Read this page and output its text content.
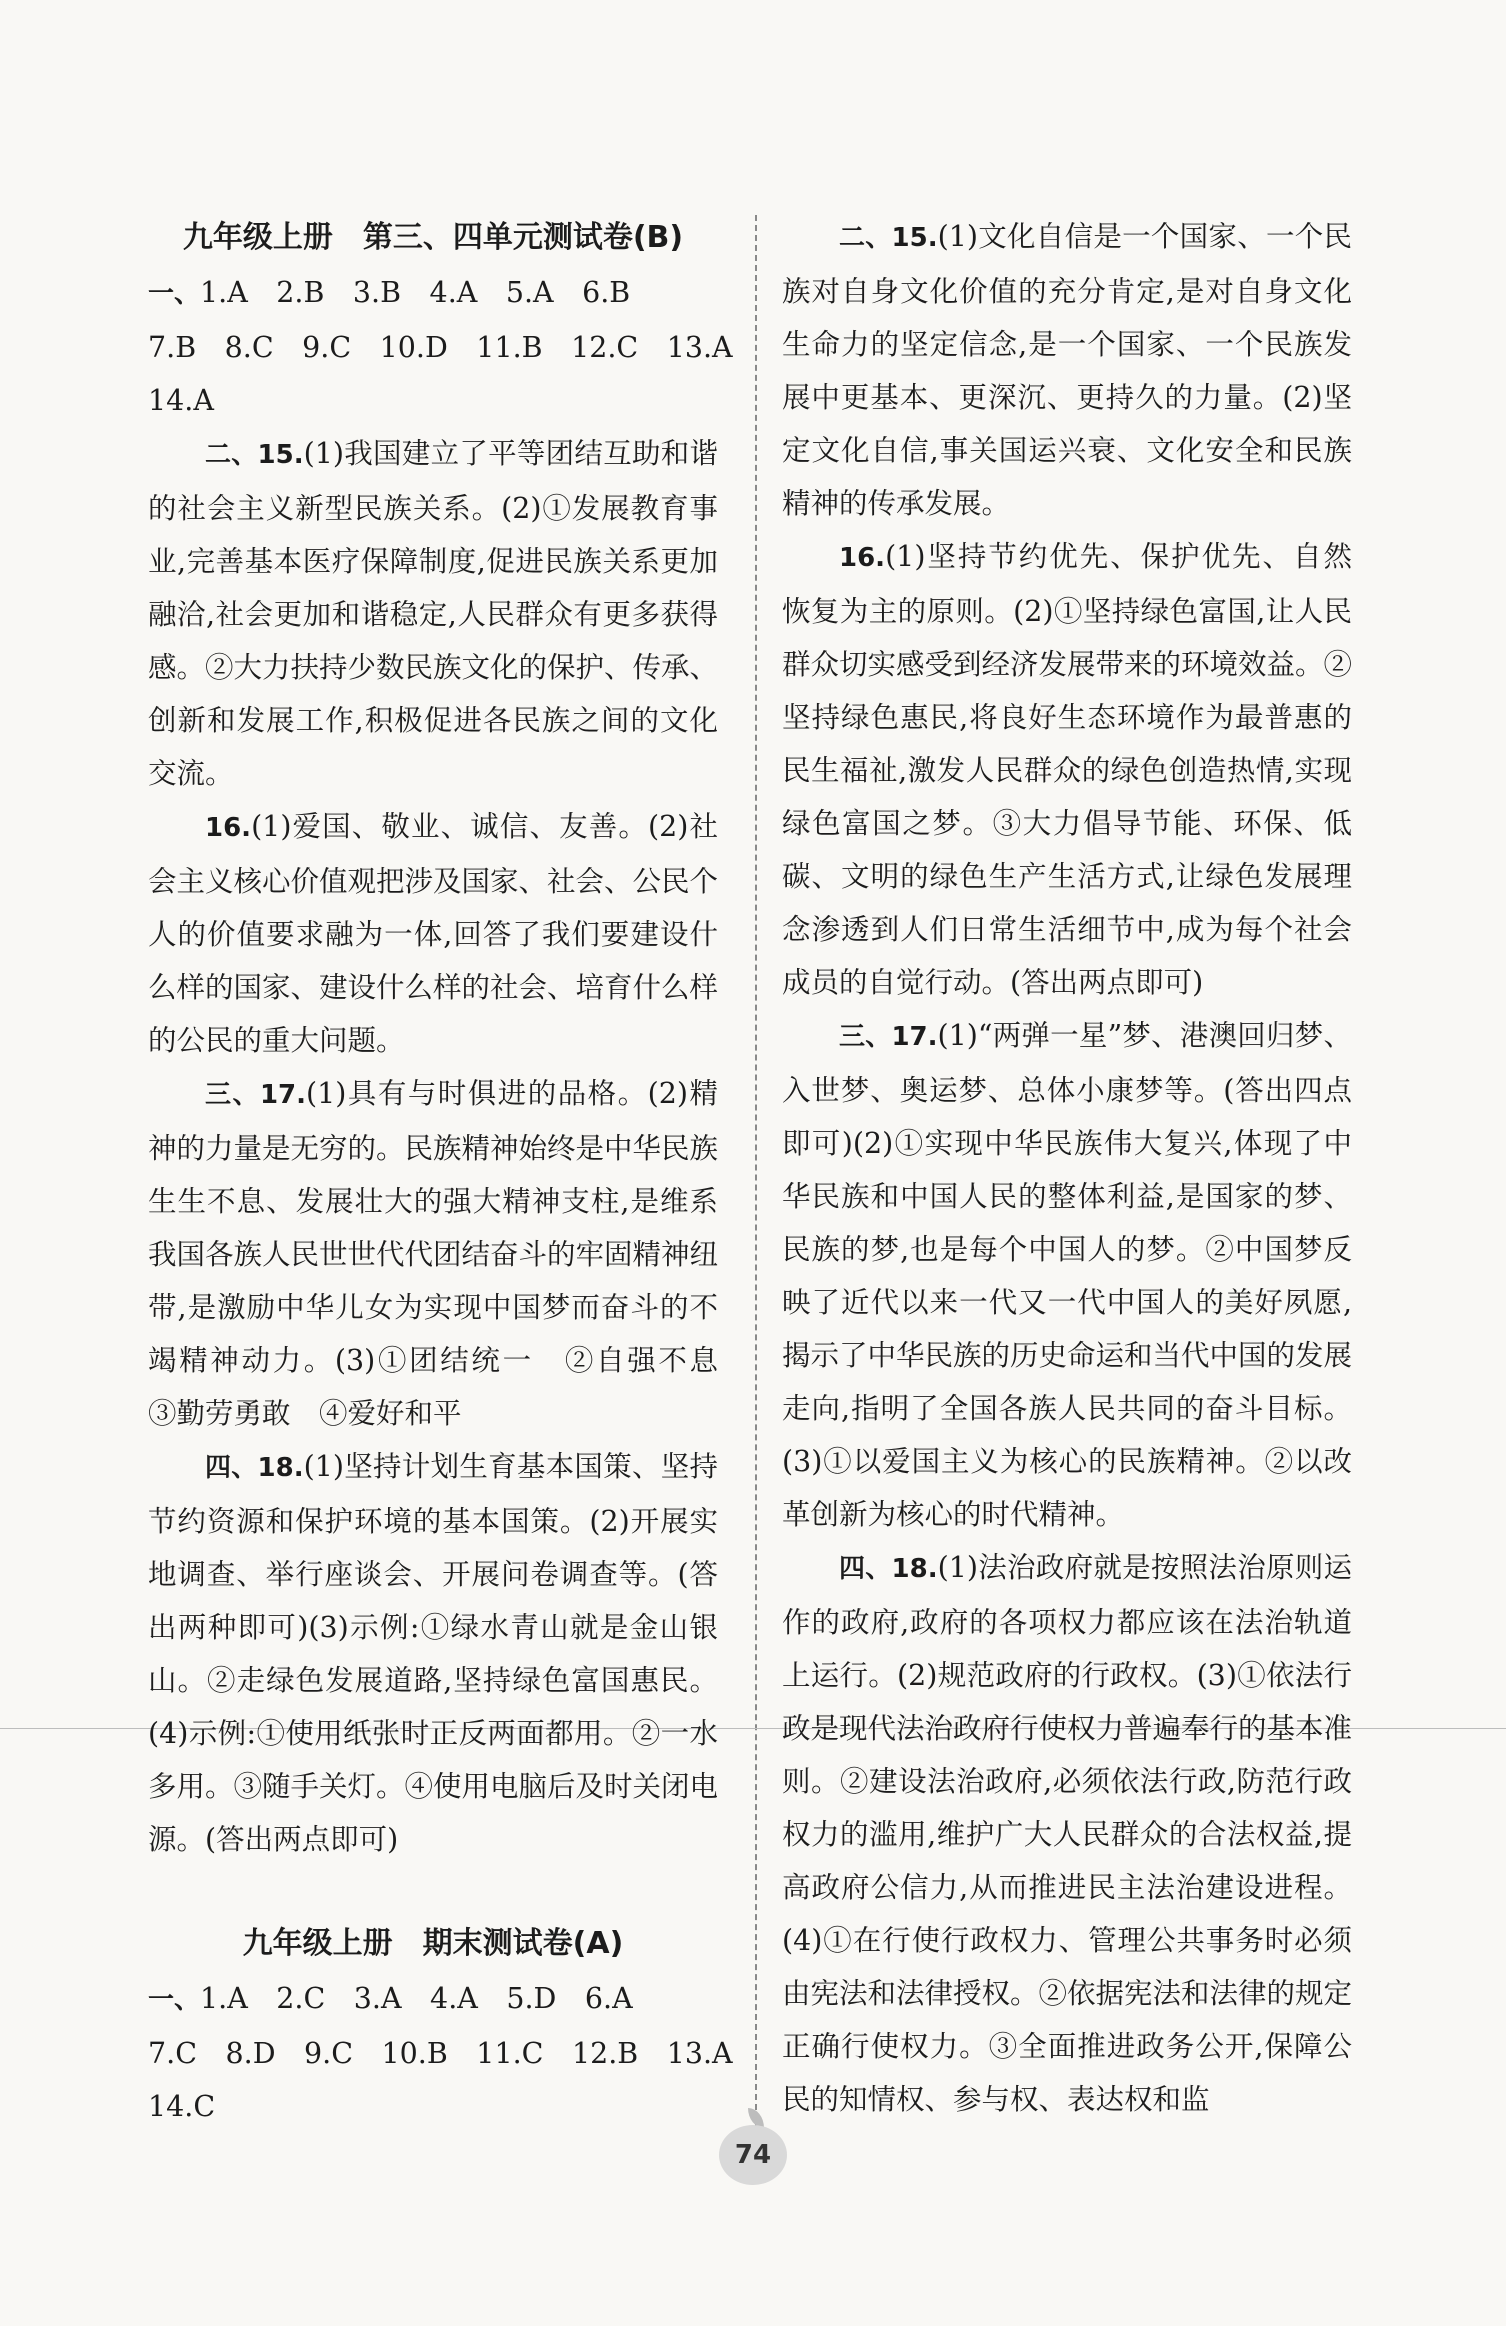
九年级上册　第三、四单元测试卷(B)

一、1.A　2.B　3.B　4.A　5.A　6.B

7.B　8.C　9.C　10.D　11.B　12.C　13.A

14.A

二、15.(1)我国建立了平等团结互助和谐的社会主义新型民族关系。(2)①发展教育事业,完善基本医疗保障制度,促进民族关系更加融洽,社会更加和谐稳定,人民群众有更多获得感。②大力扶持少数民族文化的保护、传承、创新和发展工作,积极促进各民族之间的文化交流。

16.(1)爱国、敬业、诚信、友善。(2)社会主义核心价值观把涉及国家、社会、公民个人的价值要求融为一体,回答了我们要建设什么样的国家、建设什么样的社会、培育什么样的公民的重大问题。

三、17.(1)具有与时俱进的品格。(2)精神的力量是无穷的。民族精神始终是中华民族生生不息、发展壮大的强大精神支柱,是维系我国各族人民世世代代团结奋斗的牢固精神纽带,是激励中华儿女为实现中国梦而奋斗的不竭精神动力。(3)①团结统一　②自强不息　③勤劳勇敢　④爱好和平

四、18.(1)坚持计划生育基本国策、坚持节约资源和保护环境的基本国策。(2)开展实地调查、举行座谈会、开展问卷调查等。(答出两种即可)(3)示例:①绿水青山就是金山银山。②走绿色发展道路,坚持绿色富国惠民。(4)示例:①使用纸张时正反两面都用。②一水多用。③随手关灯。④使用电脑后及时关闭电源。(答出两点即可)

九年级上册　期末测试卷(A)

一、1.A　2.C　3.A　4.A　5.D　6.A

7.C　8.D　9.C　10.B　11.C　12.B　13.A

14.C

二、15.(1)文化自信是一个国家、一个民族对自身文化价值的充分肯定,是对自身文化生命力的坚定信念,是一个国家、一个民族发展中更基本、更深沉、更持久的力量。(2)坚定文化自信,事关国运兴衰、文化安全和民族精神的传承发展。

16.(1)坚持节约优先、保护优先、自然恢复为主的原则。(2)①坚持绿色富国,让人民群众切实感受到经济发展带来的环境效益。②坚持绿色惠民,将良好生态环境作为最普惠的民生福祉,激发人民群众的绿色创造热情,实现绿色富国之梦。③大力倡导节能、环保、低碳、文明的绿色生产生活方式,让绿色发展理念渗透到人们日常生活细节中,成为每个社会成员的自觉行动。(答出两点即可)

三、17.(1)“两弹一星”梦、港澳回归梦、入世梦、奥运梦、总体小康梦等。(答出四点即可)(2)①实现中华民族伟大复兴,体现了中华民族和中国人民的整体利益,是国家的梦、民族的梦,也是每个中国人的梦。②中国梦反映了近代以来一代又一代中国人的美好夙愿,揭示了中华民族的历史命运和当代中国的发展走向,指明了全国各族人民共同的奋斗目标。(3)①以爱国主义为核心的民族精神。②以改革创新为核心的时代精神。

四、18.(1)法治政府就是按照法治原则运作的政府,政府的各项权力都应该在法治轨道上运行。(2)规范政府的行政权。(3)①依法行政是现代法治政府行使权力普遍奉行的基本准则。②建设法治政府,必须依法行政,防范行政权力的滥用,维护广大人民群众的合法权益,提高政府公信力,从而推进民主法治建设进程。(4)①在行使行政权力、管理公共事务时必须由宪法和法律授权。②依据宪法和法律的规定正确行使权力。③全面推进政务公开,保障公民的知情权、参与权、表达权和监

74
